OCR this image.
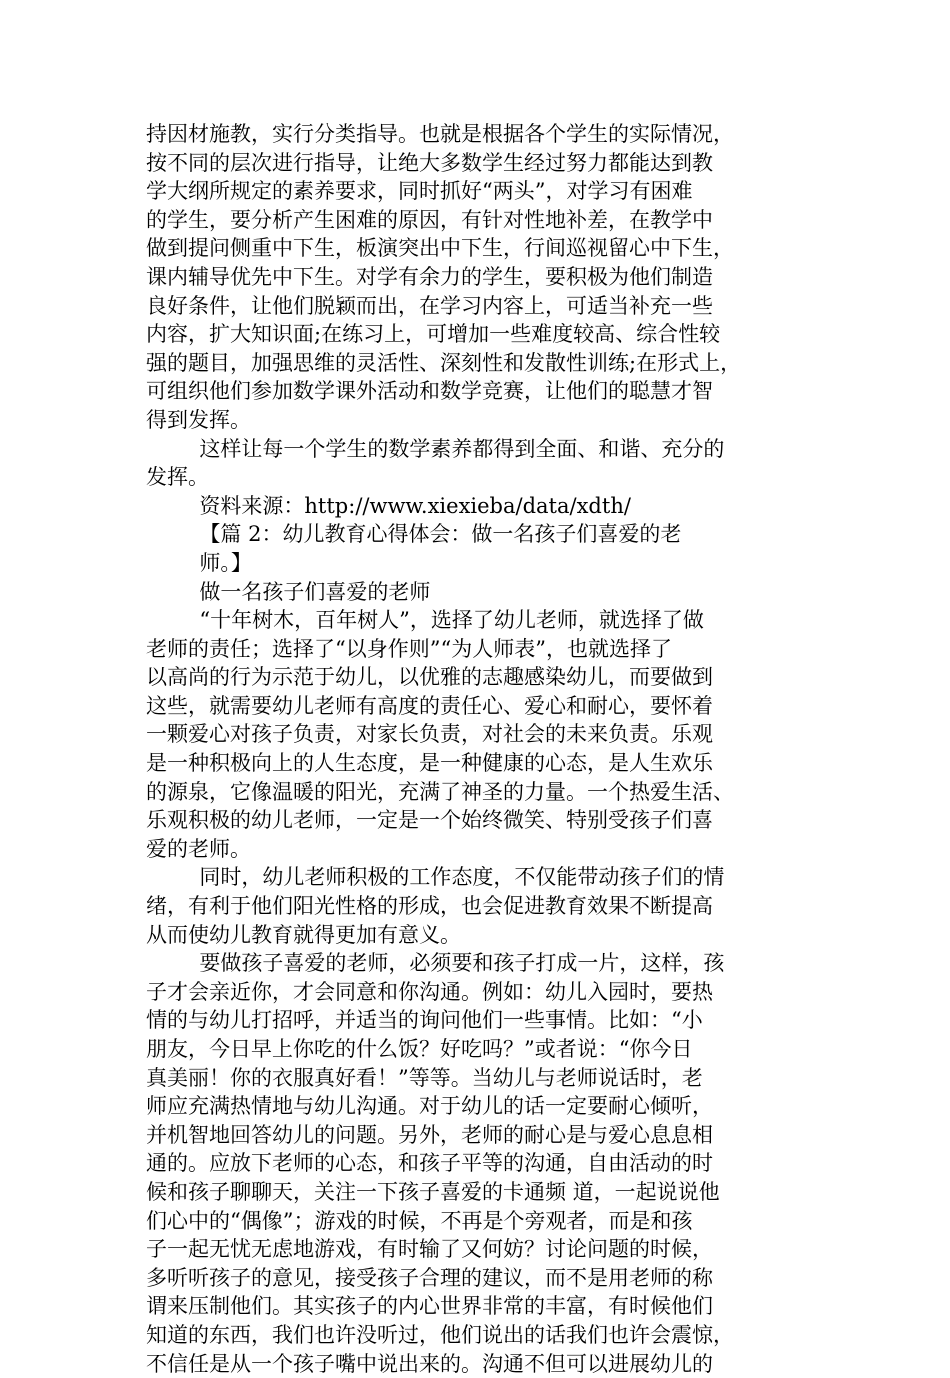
持因材施教，实行分类指导。也就是根据各个学生的实际情况，
按不同的层次进行指导，让绝大多数学生经过努力都能达到教
学大纲所规定的素养要求，同时抓好“两头”，对学习有困难
的学生，要分析产生困难的原因，有针对性地补差，在教学中
做到提问侧重中下生，板演突出中下生，行间巡视留心中下生，
课内辅导优先中下生。对学有余力的学生，要积极为他们制造
良好条件，让他们脱颖而出，在学习内容上，可适当补充一些
内容，扩大知识面;在练习上，可增加一些难度较高、综合性较
强的题目，加强思维的灵活性、深刻性和发散性训练;在形式上，
可组织他们参加数学课外活动和数学竞赛，让他们的聪慧才智
得到发挥。
这样让每一个学生的数学素养都得到全面、和谐、充分的
发挥。
资料来源：http://www.xiexieba/data/xdth/
【篇 2：幼儿教育心得体会：做一名孩子们喜爱的老
师。】
做一名孩子们喜爱的老师
“十年树木，百年树人”，选择了幼儿老师，就选择了做
老师的责任；选择了“以身作则”“为人师表”，也就选择了
以高尚的行为示范于幼儿，以优雅的志趣感染幼儿，而要做到
这些，就需要幼儿老师有高度的责任心、爱心和耐心，要怀着
一颗爱心对孩子负责，对家长负责，对社会的未来负责。乐观
是一种积极向上的人生态度，是一种健康的心态，是人生欢乐
的源泉，它像温暖的阳光，充满了神圣的力量。一个热爱生活、
乐观积极的幼儿老师，一定是一个始终微笑、特别受孩子们喜
爱的老师。
同时，幼儿老师积极的工作态度，不仅能带动孩子们的情
绪，有利于他们阳光性格的形成，也会促进教育效果不断提高
从而使幼儿教育就得更加有意义。
要做孩子喜爱的老师，必须要和孩子打成一片，这样，孩
子才会亲近你，才会同意和你沟通。例如：幼儿入园时，要热
情的与幼儿打招呼，并适当的询问他们一些事情。比如：“小
朋友，今日早上你吃的什么饭？好吃吗？”或者说：“你今日
真美丽！你的衣服真好看！”等等。当幼儿与老师说话时，老
师应充满热情地与幼儿沟通。对于幼儿的话一定要耐心倾听，
并机智地回答幼儿的问题。另外，老师的耐心是与爱心息息相
通的。应放下老师的心态，和孩子平等的沟通，自由活动的时
候和孩子聊聊天，关注一下孩子喜爱的卡通频 道，一起说说他
们心中的“偶像”；游戏的时候，不再是个旁观者，而是和孩
子一起无忧无虑地游戏，有时输了又何妨？讨论问题的时候，
多听听孩子的意见，接受孩子合理的建议，而不是用老师的称
谓来压制他们。其实孩子的内心世界非常的丰富，有时候他们
知道的东西，我们也许没听过，他们说出的话我们也许会震惊，
不信任是从一个孩子嘴中说出来的。沟通不但可以进展幼儿的
